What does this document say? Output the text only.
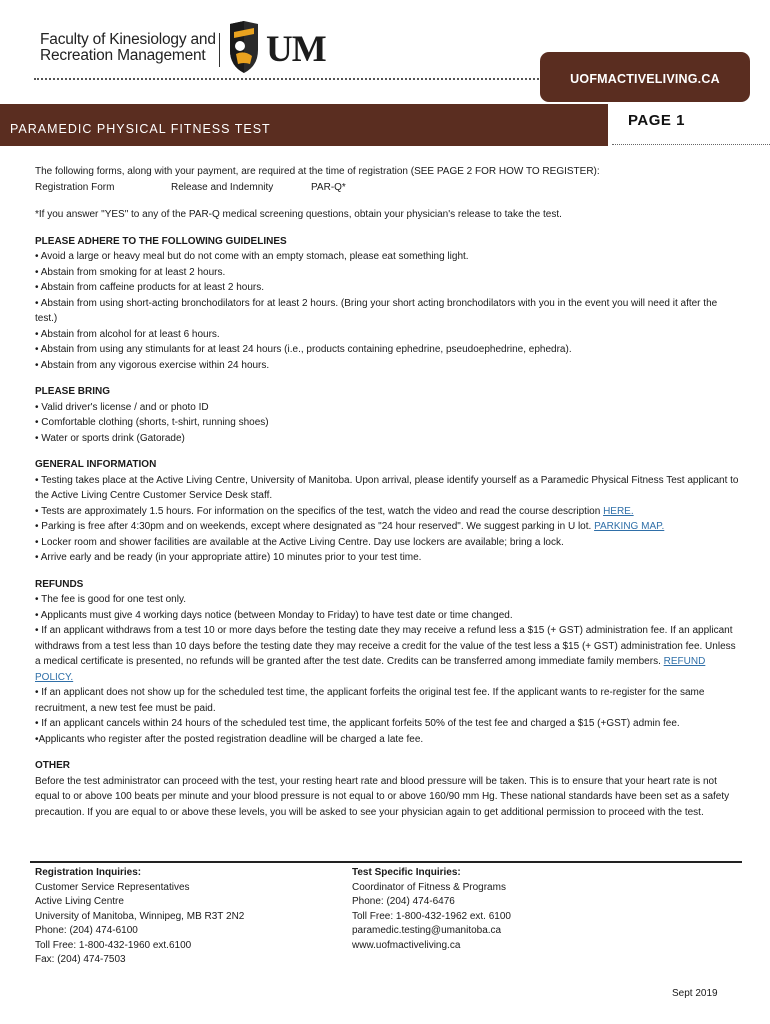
Faculty of Kinesiology and
Recreation Management UM
UOFMACTIVELIVING.CA
PARAMEDIC PHYSICAL FITNESS TEST	PAGE 1

The following forms, along with your payment, are required at the time of registration (SEE PAGE 2 FOR HOW TO REGISTER):

Registration Form	Release and Indemnity	PAR-Q*

*If you answer "YES" to any of the PAR-Q medical screening questions, obtain your physician's release to take the test.

PLEASE ADHERE TO THE FOLLOWING GUIDELINES

• Avoid a large or heavy meal but do not come with an empty stomach, please eat something light.

• Abstain from smoking for at least 2 hours.

• Abstain from caffeine products for at least 2 hours.

• Abstain from using short-acting bronchodilators for at least 2 hours. (Bring your short acting bronchodilators with you in the event you will need it after the test.)

• Abstain from alcohol for at least 6 hours.

• Abstain from using any stimulants for at least 24 hours (i.e., products containing ephedrine, pseudoephedrine, ephedra).

• Abstain from any vigorous exercise within 24 hours.

PLEASE BRING

• Valid driver's license / and or photo ID

• Comfortable clothing (shorts, t-shirt, running shoes)

• Water or sports drink (Gatorade)

GENERAL INFORMATION

• Testing takes place at the Active Living Centre, University of Manitoba. Upon arrival, please identify yourself as a Paramedic Physical Fitness Test applicant to the Active Living Centre Customer Service Desk staff.

• Tests are approximately 1.5 hours. For information on the specifics of the test, watch the video and read the course description HERE.

• Parking is free after 4:30pm and on weekends, except where designated as "24 hour reserved". We suggest parking in U lot. PARKING MAP.

• Locker room and shower facilities are available at the Active Living Centre. Day use lockers are available; bring a lock.

• Arrive early and be ready (in your appropriate attire) 10 minutes prior to your test time.

REFUNDS

• The fee is good for one test only.

• Applicants must give 4 working days notice (between Monday to Friday) to have test date or time changed.

• If an applicant withdraws from a test 10 or more days before the testing date they may receive a refund less a $15 (+ GST) administration fee. If an applicant withdraws from a test less than 10 days before the testing date they may receive a credit for the value of the test less a $15 (+ GST) administration fee. Unless a medical certificate is presented, no refunds will be granted after the test date. Credits can be transferred among immediate family members. REFUND POLICY.

• If an applicant does not show up for the scheduled test time, the applicant forfeits the original test fee. If the applicant wants to re-register for the same recruitment, a new test fee must be paid.

• If an applicant cancels within 24 hours of the scheduled test time, the applicant forfeits 50% of the test fee and charged a $15 (+GST) admin fee.

•Applicants who register after the posted registration deadline will be charged a late fee.

OTHER

Before the test administrator can proceed with the test, your resting heart rate and blood pressure will be taken. This is to ensure that your heart rate is not equal to or above 100 beats per minute and your blood pressure is not equal to or above 160/90 mm Hg. These national standards have been set as a safety precaution. If you are equal to or above these levels, you will be asked to see your physician again to get additional permission to proceed with the test.

Registration Inquiries:
Customer Service Representatives
Active Living Centre
University of Manitoba, Winnipeg, MB R3T 2N2
Phone: (204) 474-6100
Toll Free: 1-800-432-1960 ext.6100
Fax: (204) 474-7503
Test Specific Inquiries:
Coordinator of Fitness & Programs
Phone: (204) 474-6476
Toll Free: 1-800-432-1962 ext. 6100
paramedic.testing@umanitoba.ca
www.uofmactiveliving.ca
Sept 2019
